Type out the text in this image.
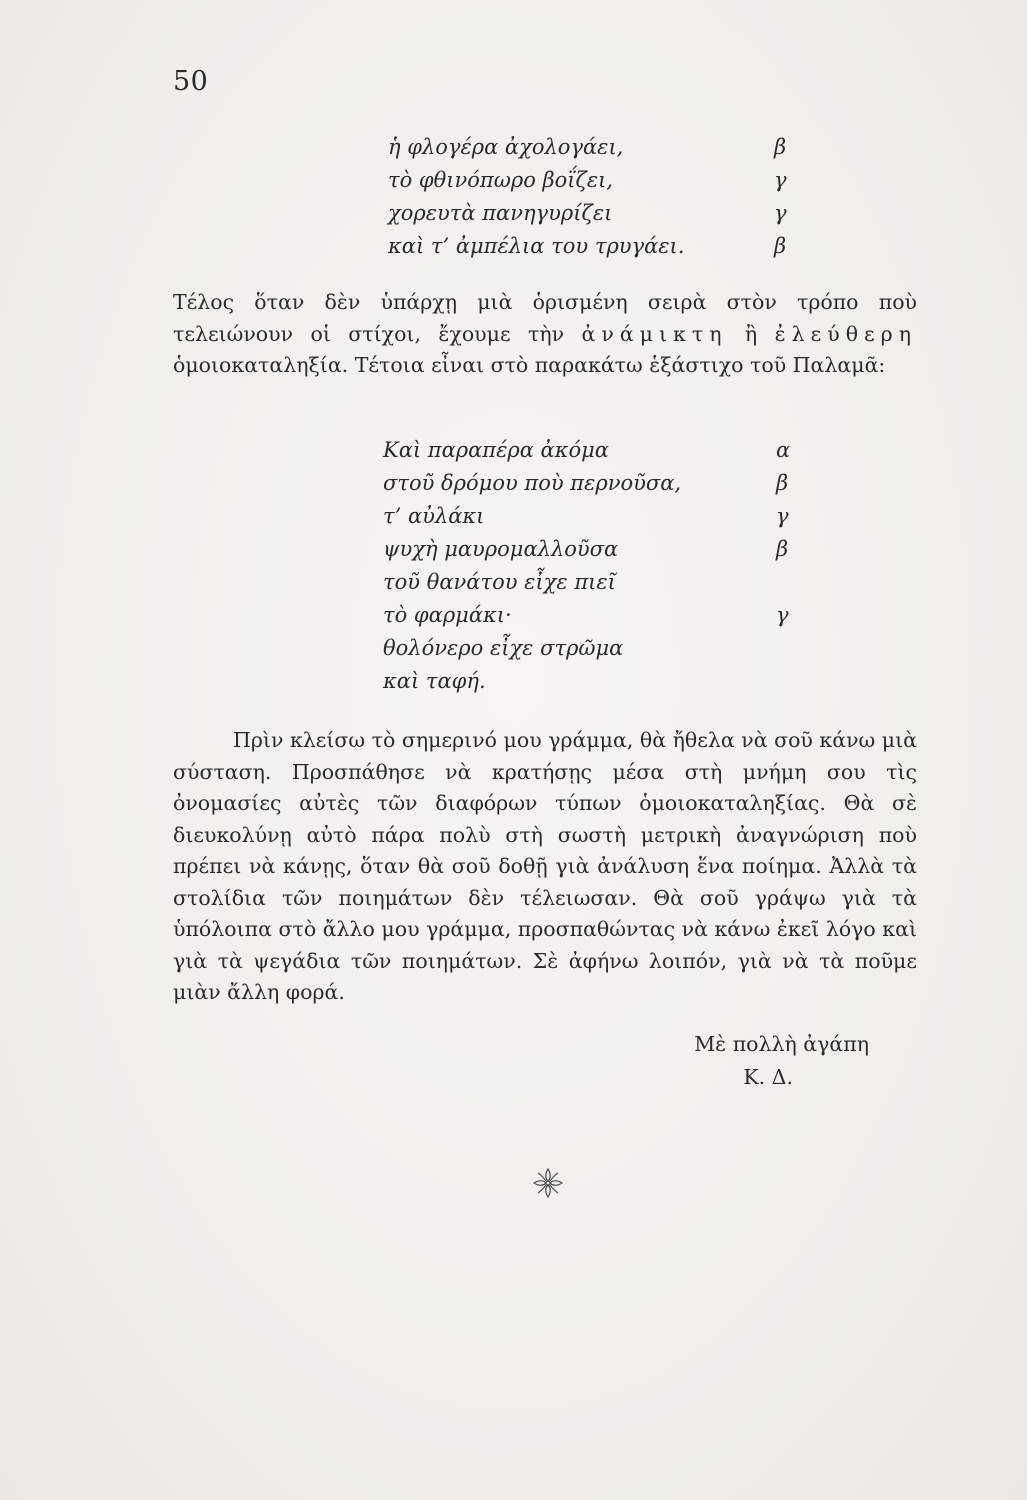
50
ἡ φλογέρα ἀχολογάει,	β
τὸ φθινόπωρο βοΐζει,	γ
χορευτὰ πανηγυρίζει	γ
καὶ τ’ ἀμπέλια του τρυγάει.	β

Τέλος ὅταν δὲν ὑπάρχῃ μιὰ ὁρισμένη σειρὰ στὸν τρόπο ποὺ τελειώνουν οἱ στίχοι, ἔχουμε τὴν ἀνάμικτη ἢ ἐλεύθερη ὁμοιοκαταληξία. Τέτοια εἶναι στὸ παρακάτω ἑξάστιχο τοῦ Παλαμᾶ:

Καὶ παραπέρα ἀκόμα	α
στοῦ δρόμου ποὺ περνοῦσα,	β
τ’ αὐλάκι	γ
ψυχὴ μαυρομαλλοῦσα	β
τοῦ θανάτου εἶχε πιεῖ
τὸ φαρμάκι·	γ
θολόνερο εἶχε στρῶμα
καὶ ταφή.

Πρὶν κλείσω τὸ σημερινό μου γράμμα, θὰ ἤθελα νὰ σοῦ κάνω μιὰ σύσταση. Προσπάθησε νὰ κρατήσῃς μέσα στὴ μνήμη σου τὶς ὀνομασίες αὐτὲς τῶν διαφόρων τύπων ὁμοιοκαταληξίας. Θὰ σὲ διευκολύνῃ αὐτὸ πάρα πολὺ στὴ σωστὴ μετρικὴ ἀναγνώριση ποὺ πρέπει νὰ κάνῃς, ὅταν θὰ σοῦ δοθῇ γιὰ ἀνάλυση ἕνα ποίημα. Ἀλλὰ τὰ στολίδια τῶν ποιημάτων δὲν τέλειωσαν. Θὰ σοῦ γράψω γιὰ τὰ ὑπόλοιπα στὸ ἄλλο μου γράμμα, προσπαθώντας νὰ κάνω ἐκεῖ λόγο καὶ γιὰ τὰ ψεγάδια τῶν ποιημάτων. Σὲ ἀφήνω λοιπόν, γιὰ νὰ τὰ ποῦμε μιὰν ἄλλη φορά.

Μὲ πολλὴ ἀγάπη
Κ. Δ.
